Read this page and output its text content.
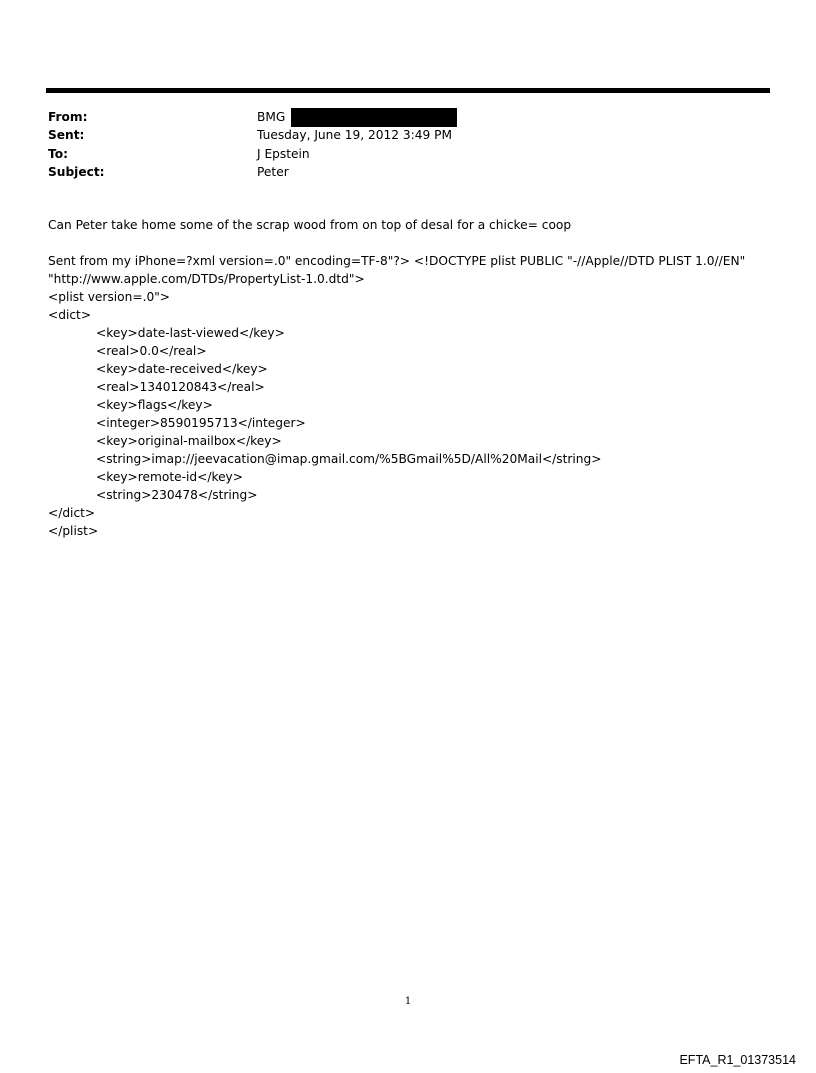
From:	BMG
Sent:	Tuesday, June 19, 2012 3:49 PM
To:	J Epstein
Subject:	Peter
Can Peter take home some of the scrap wood from on top of desal for a chicke= coop
Sent from my iPhone=?xml version=.0" encoding=TF-8"?> <!DOCTYPE plist PUBLIC "-//Apple//DTD PLIST 1.0//EN"
"http://www.apple.com/DTDs/PropertyList-1.0.dtd">
<plist version=.0">
<dict>
<key>date-last-viewed</key>
<real>0.0</real>
<key>date-received</key>
<real>1340120843</real>
<key>flags</key>
<integer>8590195713</integer>
<key>original-mailbox</key>
<string>imap://jeevacation@imap.gmail.com/%5BGmail%5D/All%20Mail</string>
<key>remote-id</key>
<string>230478</string>
</dict>
</plist>
1
EFTA_R1_01373514
